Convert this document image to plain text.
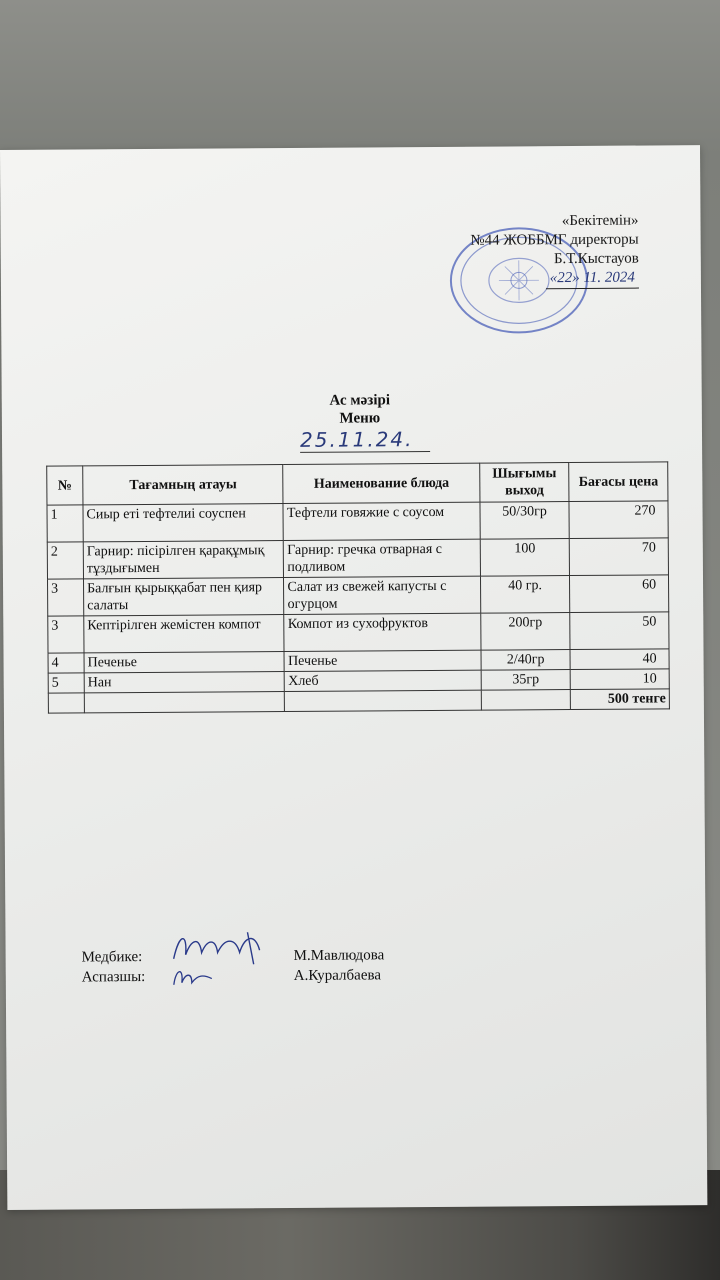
«Бекітемін»
№44 ЖОББМГ директоры
Б.Т.Кыстауов
«22» 11. 2024
Ас мәзірі
Меню
25.11.24.
№	Тағамның атауы	Наименование блюда	Шығымы выход	Бағасы цена
1	Сиыр еті тефтелиі соуспен	Тефтели говяжие с соусом	50/30гр	270
2	Гарнир: пісірілген қарақұмық тұздығымен	Гарнир: гречка отварная с подливом	100	70
3	Балғын қырыққабат пен қияр салаты	Салат из свежей капусты с огурцом	40 гр.	60
3	Кептірілген жемістен компот	Компот из сухофруктов	200гр	50
4	Печенье	Печенье	2/40гр	40
5	Нан	Хлеб	35гр	10
				500 тенге
Медбике:	М.Мавлюдова
Аспазшы:	А.Куралбаева
